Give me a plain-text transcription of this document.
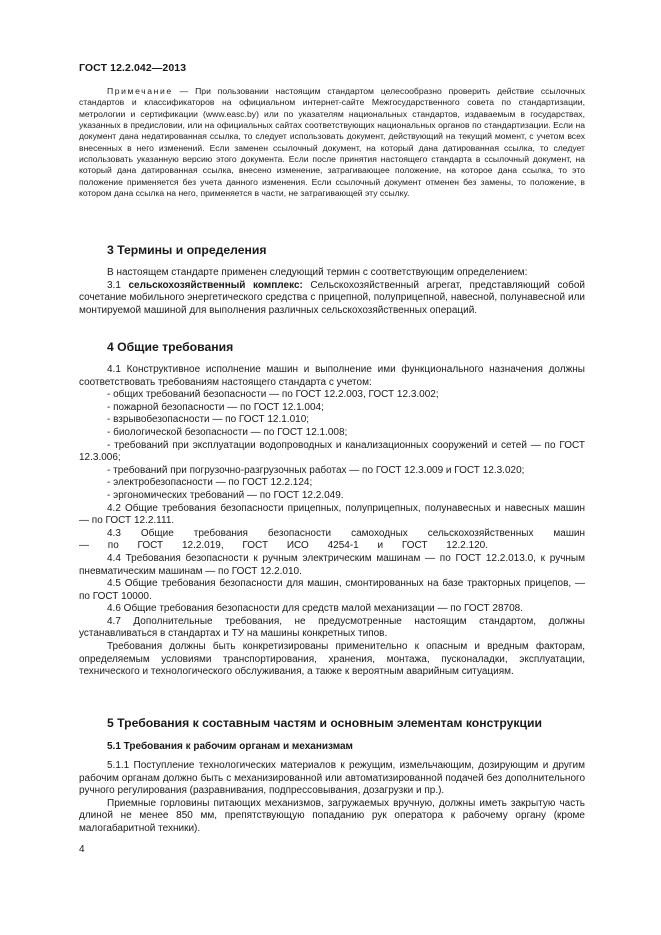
ГОСТ 12.2.042—2013
Примечание — При пользовании настоящим стандартом целесообразно проверить действие ссылочных стандартов и классификаторов на официальном интернет-сайте Межгосударственного совета по стандартизации, метрологии и сертификации (www.easc.by) или по указателям национальных стандартов, издаваемым в государствах, указанных в предисловии, или на официальных сайтах соответствующих национальных органов по стандартизации. Если на документ дана недатированная ссылка, то следует использовать документ, действующий на текущий момент, с учетом всех внесенных в него изменений. Если заменен ссылочный документ, на который дана датированная ссылка, то следует использовать указанную версию этого документа. Если после принятия настоящего стандарта в ссылочный документ, на который дана датированная ссылка, внесено изменение, затрагивающее положение, на которое дана ссылка, то это положение применяется без учета данного изменения. Если ссылочный документ отменен без замены, то положение, в котором дана ссылка на него, применяется в части, не затрагивающей эту ссылку.
3 Термины и определения

В настоящем стандарте применен следующий термин с соответствующим определением:

3.1 сельскохозяйственный комплекс: Сельскохозяйственный агрегат, представляющий собой сочетание мобильного энергетического средства с прицепной, полуприцепной, навесной, полунавесной или монтируемой машиной для выполнения различных сельскохозяйственных операций.

4 Общие требования

4.1 Конструктивное исполнение машин и выполнение ими функционального назначения должны соответствовать требованиям настоящего стандарта с учетом:

- общих требований безопасности — по ГОСТ 12.2.003, ГОСТ 12.3.002;

- пожарной безопасности — по ГОСТ 12.1.004;

- взрывобезопасности — по ГОСТ 12.1.010;

- биологической безопасности — по ГОСТ 12.1.008;

- требований при эксплуатации водопроводных и канализационных сооружений и сетей — по ГОСТ 12.3.006;

- требований при погрузочно-разгрузочных работах — по ГОСТ 12.3.009 и ГОСТ 12.3.020;

- электробезопасности — по ГОСТ 12.2.124;

- эргономических требований — по ГОСТ 12.2.049.

4.2 Общие требования безопасности прицепных, полуприцепных, полунавесных и навесных машин — по ГОСТ 12.2.111.

4.3 Общие требования безопасности самоходных сельскохозяйственных машин — по ГОСТ 12.2.019, ГОСТ ИСО 4254-1 и ГОСТ 12.2.120.

4.4 Требования безопасности к ручным электрическим машинам — по ГОСТ 12.2.013.0, к ручным пневматическим машинам — по ГОСТ 12.2.010.

4.5 Общие требования безопасности для машин, смонтированных на базе тракторных прицепов, — по ГОСТ 10000.

4.6 Общие требования безопасности для средств малой механизации — по ГОСТ 28708.

4.7 Дополнительные требования, не предусмотренные настоящим стандартом, должны устанавливаться в стандартах и ТУ на машины конкретных типов.

Требования должны быть конкретизированы применительно к опасным и вредным факторам, определяемым условиями транспортирования, хранения, монтажа, пусконаладки, эксплуатации, технического и технологического обслуживания, а также к вероятным аварийным ситуациям.

5 Требования к составным частям и основным элементам конструкции
5.1 Требования к рабочим органам и механизмам

5.1.1 Поступление технологических материалов к режущим, измельчающим, дозирующим и другим рабочим органам должно быть с механизированной или автоматизированной подачей без дополнительного ручного регулирования (разравнивания, подпрессовывания, дозагрузки и пр.).

Приемные горловины питающих механизмов, загружаемых вручную, должны иметь закрытую часть длиной не менее 850 мм, препятствующую попаданию рук оператора к рабочему органу (кроме малогабаритной техники).

4
